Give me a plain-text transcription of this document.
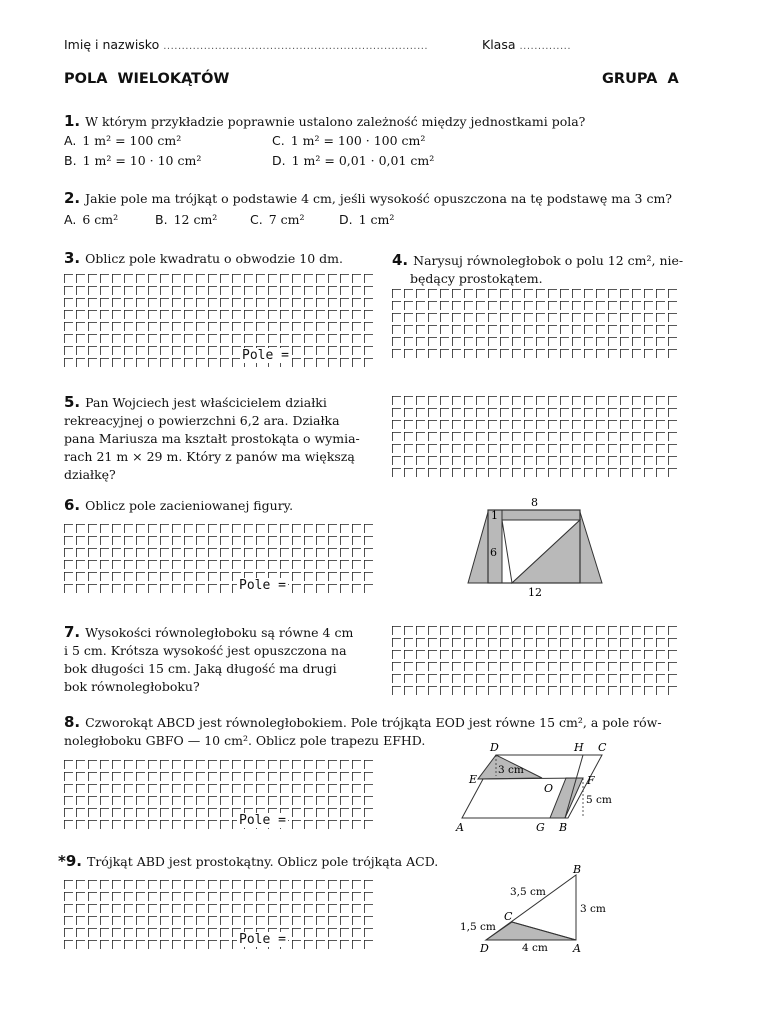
Imię i nazwisko ........................................................................	Klasa ..............
POLA  WIELOKĄTÓW	GRUPA  A
1. W którym przykładzie poprawnie ustalono zależność między jednostkami pola?
A. 1 m² = 100 cm²	C. 1 m² = 100 · 100 cm²
B. 1 m² = 10 · 10 cm²	D. 1 m² = 0,01 · 0,01 cm²
2. Jakie pole ma trójkąt o podstawie 4 cm, jeśli wysokość opuszczona na tę podstawę ma 3 cm?
A. 6 cm²	B. 12 cm²	C. 7 cm²	D. 1 cm²
3. Oblicz pole kwadratu o obwodzie 10 dm.
Pole =
4. Narysuj równoległobok o polu 12 cm², nie-
będący prostokątem.
5. Pan Wojciech jest właścicielem działki
rekreacyjnej o powierzchni 6,2 ara. Działka
pana Mariusza ma kształt prostokąta o wymia-
rach 21 m × 29 m. Który z panów ma większą
działkę?
6. Oblicz pole zacieniowanej figury.
Pole =
8
1
6
12
7. Wysokości równoległoboku są równe 4 cm
i 5 cm. Krótsza wysokość jest opuszczona na
bok długości 15 cm. Jaką długość ma drugi
bok równoległoboku?
8. Czworokąt ABCD jest równoległobokiem. Pole trójkąta EOD jest równe 15 cm², a pole rów-
noległoboku GBFO — 10 cm². Oblicz pole trapezu EFHD.
Pole =
D	H C
E	F
O
A	G B
3 cm
5 cm
*9. Trójkąt ABD jest prostokątny. Oblicz pole trójkąta ACD.
Pole =
B
C
D	A
3,5 cm
3 cm
1,5 cm
4 cm
